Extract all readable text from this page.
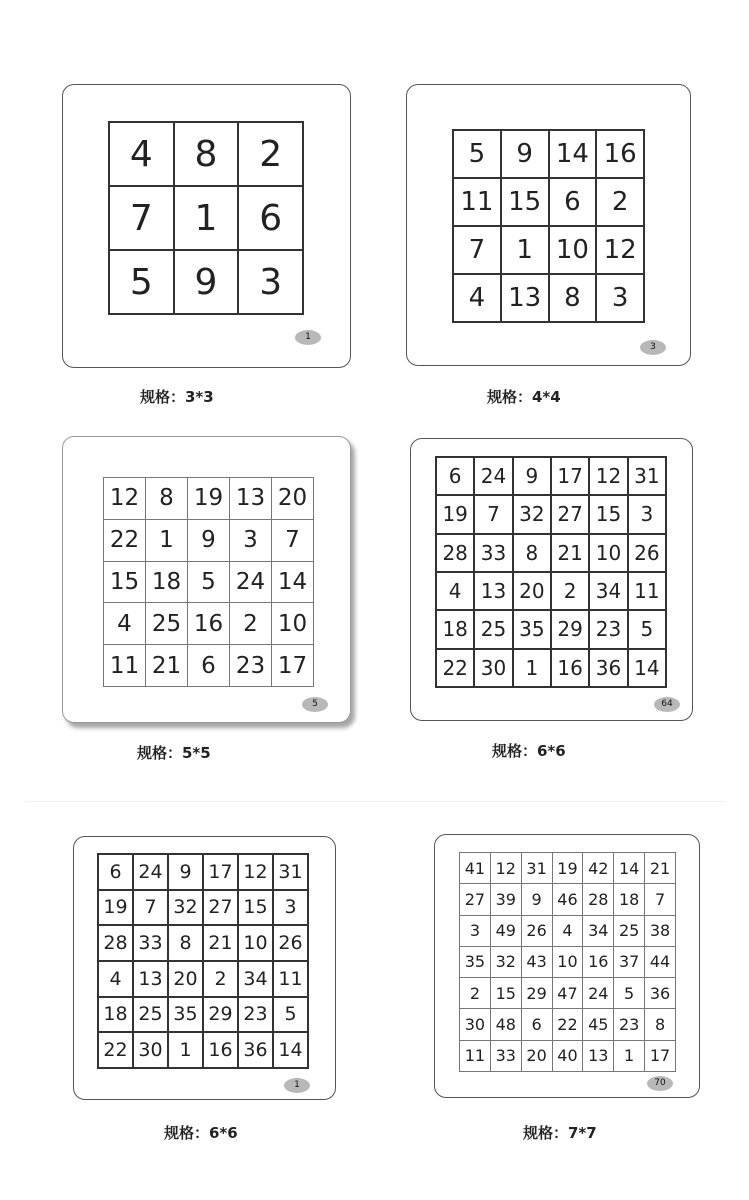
4	8	2
7	1	6
5	9	3
1
规格：3*3
5	9	14	16
11	15	6	2
7	1	10	12
4	13	8	3
3
规格：4*4
12	8	19	13	20
22	1	9	3	7
15	18	5	24	14
4	25	16	2	10
11	21	6	23	17
5
规格：5*5
6	24	9	17	12	31
19	7	32	27	15	3
28	33	8	21	10	26
4	13	20	2	34	11
18	25	35	29	23	5
22	30	1	16	36	14
64
规格：6*6
6	24	9	17	12	31
19	7	32	27	15	3
28	33	8	21	10	26
4	13	20	2	34	11
18	25	35	29	23	5
22	30	1	16	36	14
1
规格：6*6
41	12	31	19	42	14	21
27	39	9	46	28	18	7
3	49	26	4	34	25	38
35	32	43	10	16	37	44
2	15	29	47	24	5	36
30	48	6	22	45	23	8
11	33	20	40	13	1	17
70
规格：7*7
